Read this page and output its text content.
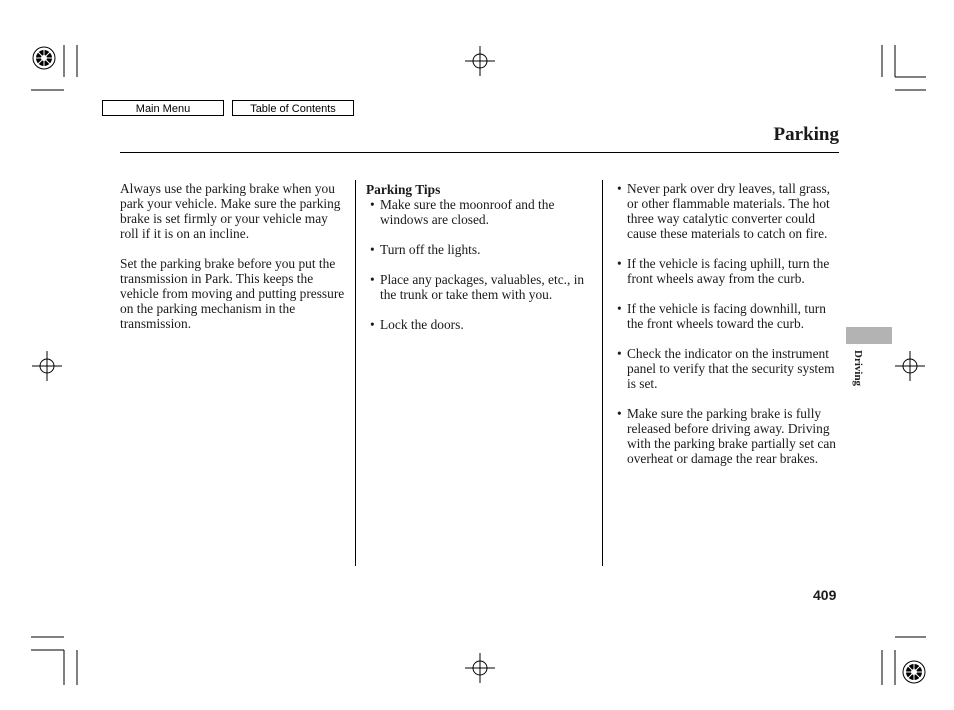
Main Menu	Table of Contents
Parking

Always use the parking brake when you park your vehicle. Make sure the parking brake is set firmly or your vehicle may roll if it is on an incline.

Set the parking brake before you put the transmission in Park. This keeps the vehicle from moving and putting pressure on the parking mechanism in the transmission.

Parking Tips
• Make sure the moonroof and the windows are closed.
• Turn off the lights.
• Place any packages, valuables, etc., in the trunk or take them with you.
• Lock the doors.
• Never park over dry leaves, tall grass, or other flammable materials. The hot three way catalytic converter could cause these materials to catch on fire.
• If the vehicle is facing uphill, turn the front wheels away from the curb.
• If the vehicle is facing downhill, turn the front wheels toward the curb.
• Check the indicator on the instrument panel to verify that the security system is set.
• Make sure the parking brake is fully released before driving away. Driving with the parking brake partially set can overheat or damage the rear brakes.
Driving
409
